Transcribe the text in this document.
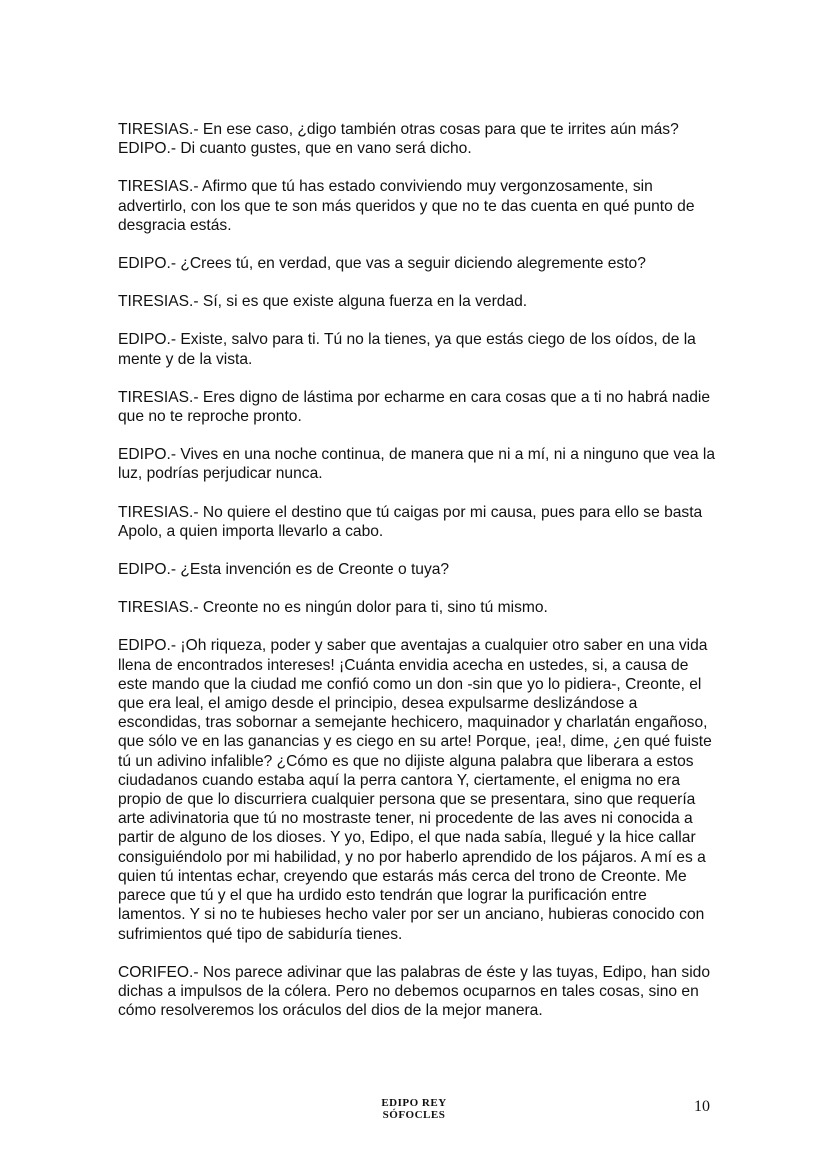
TIRESIAS.- En ese caso, ¿digo también otras cosas para que te irrites aún más?

EDIPO.- Di cuanto gustes, que en vano será dicho.

TIRESIAS.- Afirmo que tú has estado conviviendo muy vergonzosamente, sin advertirlo, con los que te son más queridos y que no te das cuenta en qué punto de desgracia estás.

EDIPO.- ¿Crees tú, en verdad, que vas a seguir diciendo alegremente esto?

TIRESIAS.- Sí, si es que existe alguna fuerza en la verdad.

EDIPO.- Existe, salvo para ti. Tú no la tienes, ya que estás ciego de los oídos, de la mente y de la vista.

TIRESIAS.- Eres digno de lástima por echarme en cara cosas que a ti no habrá nadie que no te reproche pronto.

EDIPO.- Vives en una noche continua, de manera que ni a mí, ni a ninguno que vea la luz, podrías perjudicar nunca.

TIRESIAS.- No quiere el destino que tú caigas por mi causa, pues para ello se basta Apolo, a quien importa llevarlo a cabo.

EDIPO.- ¿Esta invención es de Creonte o tuya?

TIRESIAS.- Creonte no es ningún dolor para ti, sino tú mismo.

EDIPO.- ¡Oh riqueza, poder y saber que aventajas a cualquier otro saber en una vida llena de encontrados intereses! ¡Cuánta envidia acecha en ustedes, si, a causa de este mando que la ciudad me confió como un don -sin que yo lo pidiera-, Creonte, el que era leal, el amigo desde el principio, desea expulsarme deslizándose a escondidas, tras sobornar a semejante hechicero, maquinador y charlatán engañoso, que sólo ve en las ganancias y es ciego en su arte! Porque, ¡ea!, dime, ¿en qué fuiste tú un adivino infalible? ¿Cómo es que no dijiste alguna palabra que liberara a estos ciudadanos cuando estaba aquí la perra cantora Y, ciertamente, el enigma no era propio de que lo discurriera cualquier persona que se presentara, sino que requería arte adivinatoria que tú no mostraste tener, ni procedente de las aves ni conocida a partir de alguno de los dioses. Y yo, Edipo, el que nada sabía, llegué y la hice callar consiguiéndolo por mi habilidad, y no por haberlo aprendido de los pájaros. A mí es a quien tú intentas echar, creyendo que estarás más cerca del trono de Creonte. Me parece que tú y el que ha urdido esto tendrán que lograr la purificación entre lamentos. Y si no te hubieses hecho valer por ser un anciano, hubieras conocido con sufrimientos qué tipo de sabiduría tienes.

CORIFEO.- Nos parece adivinar que las palabras de éste y las tuyas, Edipo, han sido dichas a impulsos de la cólera. Pero no debemos ocuparnos en tales cosas, sino en cómo resolveremos los oráculos del dios de la mejor manera.

EDIPO REY
SÓFOCLES	10
